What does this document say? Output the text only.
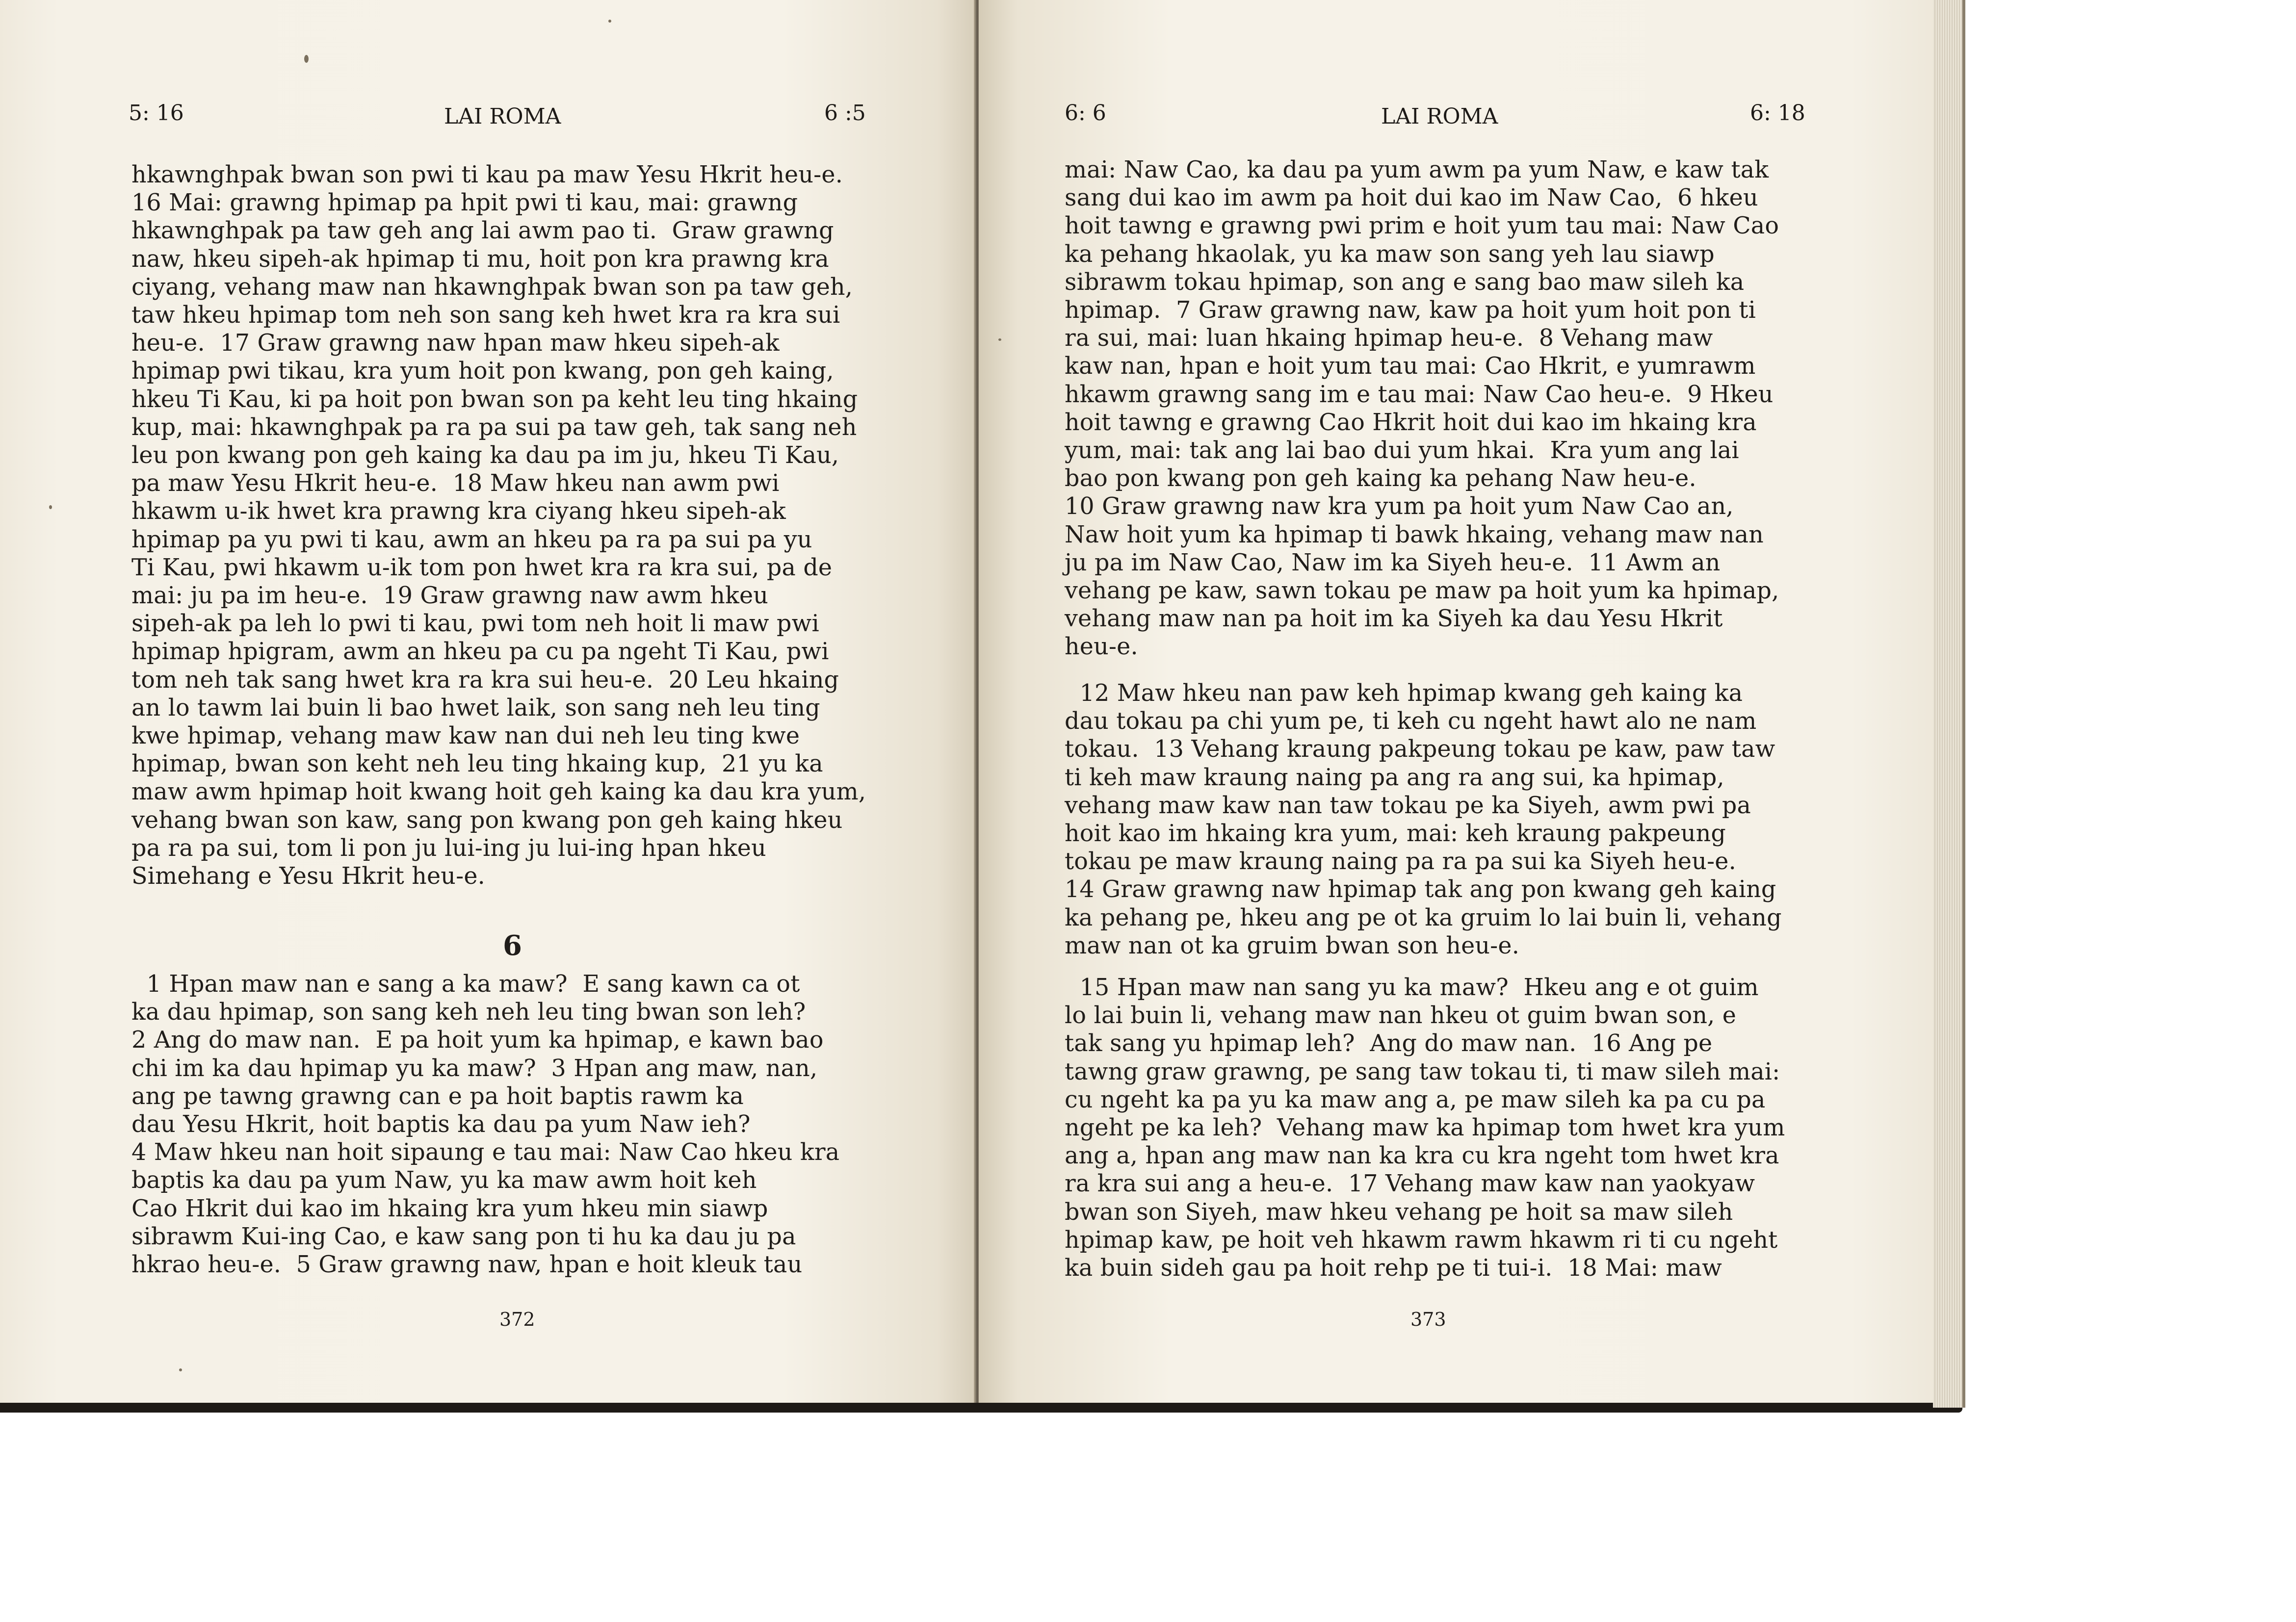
5: 16	LAI ROMA	6 :5
hkawnghpak bwan son pwi ti kau pa maw Yesu Hkrit heu-e.
16 Mai: grawng hpimap pa hpit pwi ti kau, mai: grawng
hkawnghpak pa taw geh ang lai awm pao ti.  Graw grawng
naw, hkeu sipeh-ak hpimap ti mu, hoit pon kra prawng kra
ciyang, vehang maw nan hkawnghpak bwan son pa taw geh,
taw hkeu hpimap tom neh son sang keh hwet kra ra kra sui
heu-e.  17 Graw grawng naw hpan maw hkeu sipeh-ak
hpimap pwi tikau, kra yum hoit pon kwang, pon geh kaing,
hkeu Ti Kau, ki pa hoit pon bwan son pa keht leu ting hkaing
kup, mai: hkawnghpak pa ra pa sui pa taw geh, tak sang neh
leu pon kwang pon geh kaing ka dau pa im ju, hkeu Ti Kau,
pa maw Yesu Hkrit heu-e.  18 Maw hkeu nan awm pwi
hkawm u-ik hwet kra prawng kra ciyang hkeu sipeh-ak
hpimap pa yu pwi ti kau, awm an hkeu pa ra pa sui pa yu
Ti Kau, pwi hkawm u-ik tom pon hwet kra ra kra sui, pa de
mai: ju pa im heu-e.  19 Graw grawng naw awm hkeu
sipeh-ak pa leh lo pwi ti kau, pwi tom neh hoit li maw pwi
hpimap hpigram, awm an hkeu pa cu pa ngeht Ti Kau, pwi
tom neh tak sang hwet kra ra kra sui heu-e.  20 Leu hkaing
an lo tawm lai buin li bao hwet laik, son sang neh leu ting
kwe hpimap, vehang maw kaw nan dui neh leu ting kwe
hpimap, bwan son keht neh leu ting hkaing kup,  21 yu ka
maw awm hpimap hoit kwang hoit geh kaing ka dau kra yum,
vehang bwan son kaw, sang pon kwang pon geh kaing hkeu
pa ra pa sui, tom li pon ju lui-ing ju lui-ing hpan hkeu
Simehang e Yesu Hkrit heu-e.
6
1 Hpan maw nan e sang a ka maw?  E sang kawn ca ot
ka dau hpimap, son sang keh neh leu ting bwan son leh?
2 Ang do maw nan.  E pa hoit yum ka hpimap, e kawn bao
chi im ka dau hpimap yu ka maw?  3 Hpan ang maw, nan,
ang pe tawng grawng can e pa hoit baptis rawm ka
dau Yesu Hkrit, hoit baptis ka dau pa yum Naw ieh?
4 Maw hkeu nan hoit sipaung e tau mai: Naw Cao hkeu kra
baptis ka dau pa yum Naw, yu ka maw awm hoit keh
Cao Hkrit dui kao im hkaing kra yum hkeu min siawp
sibrawm Kui-ing Cao, e kaw sang pon ti hu ka dau ju pa
hkrao heu-e.  5 Graw grawng naw, hpan e hoit kleuk tau
372
6: 6	LAI ROMA	6: 18
mai: Naw Cao, ka dau pa yum awm pa yum Naw, e kaw tak
sang dui kao im awm pa hoit dui kao im Naw Cao,  6 hkeu
hoit tawng e grawng pwi prim e hoit yum tau mai: Naw Cao
ka pehang hkaolak, yu ka maw son sang yeh lau siawp
sibrawm tokau hpimap, son ang e sang bao maw sileh ka
hpimap.  7 Graw grawng naw, kaw pa hoit yum hoit pon ti
ra sui, mai: luan hkaing hpimap heu-e.  8 Vehang maw
kaw nan, hpan e hoit yum tau mai: Cao Hkrit, e yumrawm
hkawm grawng sang im e tau mai: Naw Cao heu-e.  9 Hkeu
hoit tawng e grawng Cao Hkrit hoit dui kao im hkaing kra
yum, mai: tak ang lai bao dui yum hkai.  Kra yum ang lai
bao pon kwang pon geh kaing ka pehang Naw heu-e.
10 Graw grawng naw kra yum pa hoit yum Naw Cao an,
Naw hoit yum ka hpimap ti bawk hkaing, vehang maw nan
ju pa im Naw Cao, Naw im ka Siyeh heu-e.  11 Awm an
vehang pe kaw, sawn tokau pe maw pa hoit yum ka hpimap,
vehang maw nan pa hoit im ka Siyeh ka dau Yesu Hkrit
heu-e.
12 Maw hkeu nan paw keh hpimap kwang geh kaing ka
dau tokau pa chi yum pe, ti keh cu ngeht hawt alo ne nam
tokau.  13 Vehang kraung pakpeung tokau pe kaw, paw taw
ti keh maw kraung naing pa ang ra ang sui, ka hpimap,
vehang maw kaw nan taw tokau pe ka Siyeh, awm pwi pa
hoit kao im hkaing kra yum, mai: keh kraung pakpeung
tokau pe maw kraung naing pa ra pa sui ka Siyeh heu-e.
14 Graw grawng naw hpimap tak ang pon kwang geh kaing
ka pehang pe, hkeu ang pe ot ka gruim lo lai buin li, vehang
maw nan ot ka gruim bwan son heu-e.
15 Hpan maw nan sang yu ka maw?  Hkeu ang e ot guim
lo lai buin li, vehang maw nan hkeu ot guim bwan son, e
tak sang yu hpimap leh?  Ang do maw nan.  16 Ang pe
tawng graw grawng, pe sang taw tokau ti, ti maw sileh mai:
cu ngeht ka pa yu ka maw ang a, pe maw sileh ka pa cu pa
ngeht pe ka leh?  Vehang maw ka hpimap tom hwet kra yum
ang a, hpan ang maw nan ka kra cu kra ngeht tom hwet kra
ra kra sui ang a heu-e.  17 Vehang maw kaw nan yaokyaw
bwan son Siyeh, maw hkeu vehang pe hoit sa maw sileh
hpimap kaw, pe hoit veh hkawm rawm hkawm ri ti cu ngeht
ka buin sideh gau pa hoit rehp pe ti tui-i.  18 Mai: maw
373
